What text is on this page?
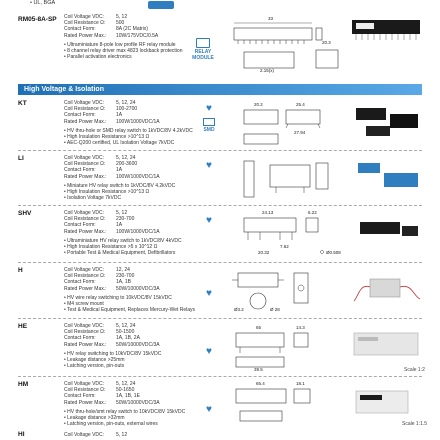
• UL, BGA
RM05-8A-SP Coil Voltage VDC: 5, 12
Coil Resistance Ω: 500
Contact Form:	8A (2C Matrix)
Rated Power Max.: 10W/175VDC/0.5A
• Ultraminiature 8-pole low profile RF relay module
• 8 channel relay driver max 4823 lockback protection
• Parallel activation electronics
RELAY MODULE
33
20.3
2.15(x)
High Voltage & Isolation
KT	Coil Voltage VDC: 5, 12, 24
Coil Resistance Ω: 100-2700
Contact Form:	1A
Rated Power Max.: 100W/1000VDC/1A
• HV thru-hole or SMD relay switch to 1kVDC/8V 4.2kVDC
• High Insulation Resistance >10^13 Ω
• AEC-Q200 certified, UL Isolation Voltage 7kVDC
♥
SMD
20.2	25.4
27.94
LI	Coil Voltage VDC: 5, 12, 24
Coil Resistance Ω: 200-3600
Contact Form:	1A
Rated Power Max.: 100W/1000VDC/1A
• Miniature HV relay switch to 1kVDC/8V 4.2kVDC
• High Insulation Resistance >10^13 Ω
• Isolation Voltage 7kVDC
♥
SHV	Coil Voltage VDC: 5, 12
Coil Resistance Ω: 230-700
Contact Form:	1A
Rated Power Max.: 100W/1000VDC/1A
• Ultraminiature HV relay switch to 1kVDC/8V 4kVDC
• High Insulation Resistance >5 x 10^12 Ω
• Portable Test & Medical Equipment, Defibrillators
♥
24.13	6.22
7.62
20.32	Ø0.508
H	Coil Voltage VDC: 12, 24
Coil Resistance Ω: 230-700
Contact Form:	1A, 1B
Rated Power Max.: 50W/10000VDC/3A
• HV wire relay switching to 10kVDC/8V 15kVDC
• M4 screw mount
• Test & Medical Equipment, Replaces Mercury-Wet Relays
♥
Ø3.2	Ø 28
HE	Coil Voltage VDC: 5, 12, 24
Coil Resistance Ω: 50-1500
Contact Form:	1A, 1B, 2A
Rated Power Max.: 50W/10000VDC/3A
• HV relay switching to 10kVDC/8V 15kVDC
• Leakage distance >25mm
• Latching version, pin-outs
♥
65	14.3
39.5	Scale 1:2
HM	Coil Voltage VDC: 5, 12, 24
Coil Resistance Ω: 50-1650
Contact Form:	1A, 1B, 1E
Rated Power Max.: 50W/10000VDC/3A
• HV thru-hole/smt relay switch to 10kVDC/8V 15kVDC
• Leakage distance >32mm
• Latching version, pin-outs, external wires
♥
65.4	18.1
Scale 1:1.5
HI	Coil Voltage VDC: 5, 12
